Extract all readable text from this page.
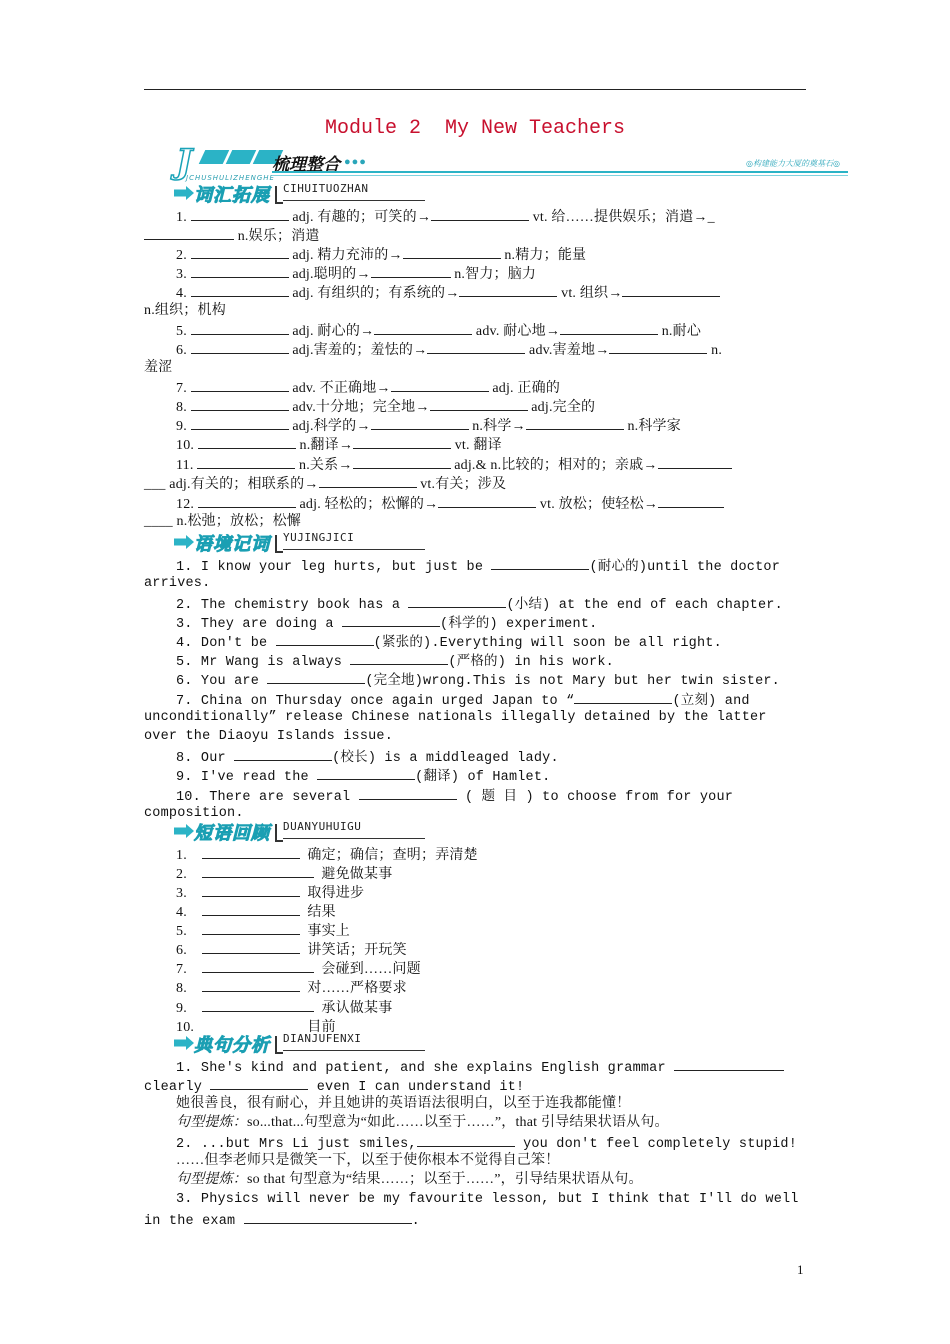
Module 2 My New Teachers
J
JCHUSHULIZHENGHE
梳理整合 ●●●	◎构建能力大厦的奠基石◎
词汇拓展 CIHUITUOZHAN
1.	adj. 有趣的；可笑的→	vt. 给……提供娱乐；消遣→_
n.娱乐；消遣
2.	adj. 精力充沛的→	n.精力；能量
3.	adj.聪明的→	n.智力；脑力
4.	adj. 有组织的；有系统的→	vt. 组织→
n.组织；机构
5.	adj. 耐心的→	adv. 耐心地→	n.耐心
6.	adj.害羞的；羞怯的→	adv.害羞地→	n.
羞涩
7.	adv. 不正确地→	adj. 正确的
8.	adv.十分地；完全地→	adj.完全的
9.	adj.科学的→	n.科学→	n.科学家
10.	n.翻译→	vt. 翻译
11.	n.关系→	adj.& n.比较的；相对的；亲戚→
___ adj.有关的；相联系的→	vt.有关；涉及
12.	adj. 轻松的；松懈的→	vt. 放松；使轻松→
____ n.松弛；放松；松懈
语境记词 YUJINGJICI
1. I know your leg hurts, but just be	(耐心的)until the doctor
arrives.
2. The chemistry book has a	(小结) at the end of each chapter.
3. They are doing a	(科学的) experiment.
4. Don't be	(紧张的).Everything will soon be all right.
5. Mr Wang is always	(严格的) in his work.
6. You are	(完全地)wrong.This is not Mary but her twin sister.
7. China on Thursday once again urged Japan to “	(立刻) and
unconditionally” release Chinese nationals illegally detained by the latter
over the Diaoyu Islands issue.
8. Our	(校长) is a middleaged lady.
9. I've read the	(翻译) of Hamlet.
10. There are several	( 题 目 ) to choose from for your
composition.
短语回顾 DUANYUHUIGU
1.	确定；确信；查明；弄清楚
2.	避免做某事
3.	取得进步
4.	结果
5.	事实上
6.	讲笑话；开玩笑
7.	会碰到……问题
8.	对……严格要求
9.	承认做某事
10.	目前
典句分析 DIANJUFENXI
1. She's kind and patient, and she explains English grammar
clearly	even I can understand it!
她很善良，很有耐心，并且她讲的英语语法很明白，以至于连我都能懂！
句型提炼：so...that...句型意为“如此……以至于……”，that 引导结果状语从句。
2. ...but Mrs Li just smiles,	you don't feel completely stupid!
……但李老师只是微笑一下，以至于使你根本不觉得自己笨！
句型提炼：so that 句型意为“结果……；以至于……”，引导结果状语从句。
3. Physics will never be my favourite lesson, but I think that I'll do well
in the exam	.
1
